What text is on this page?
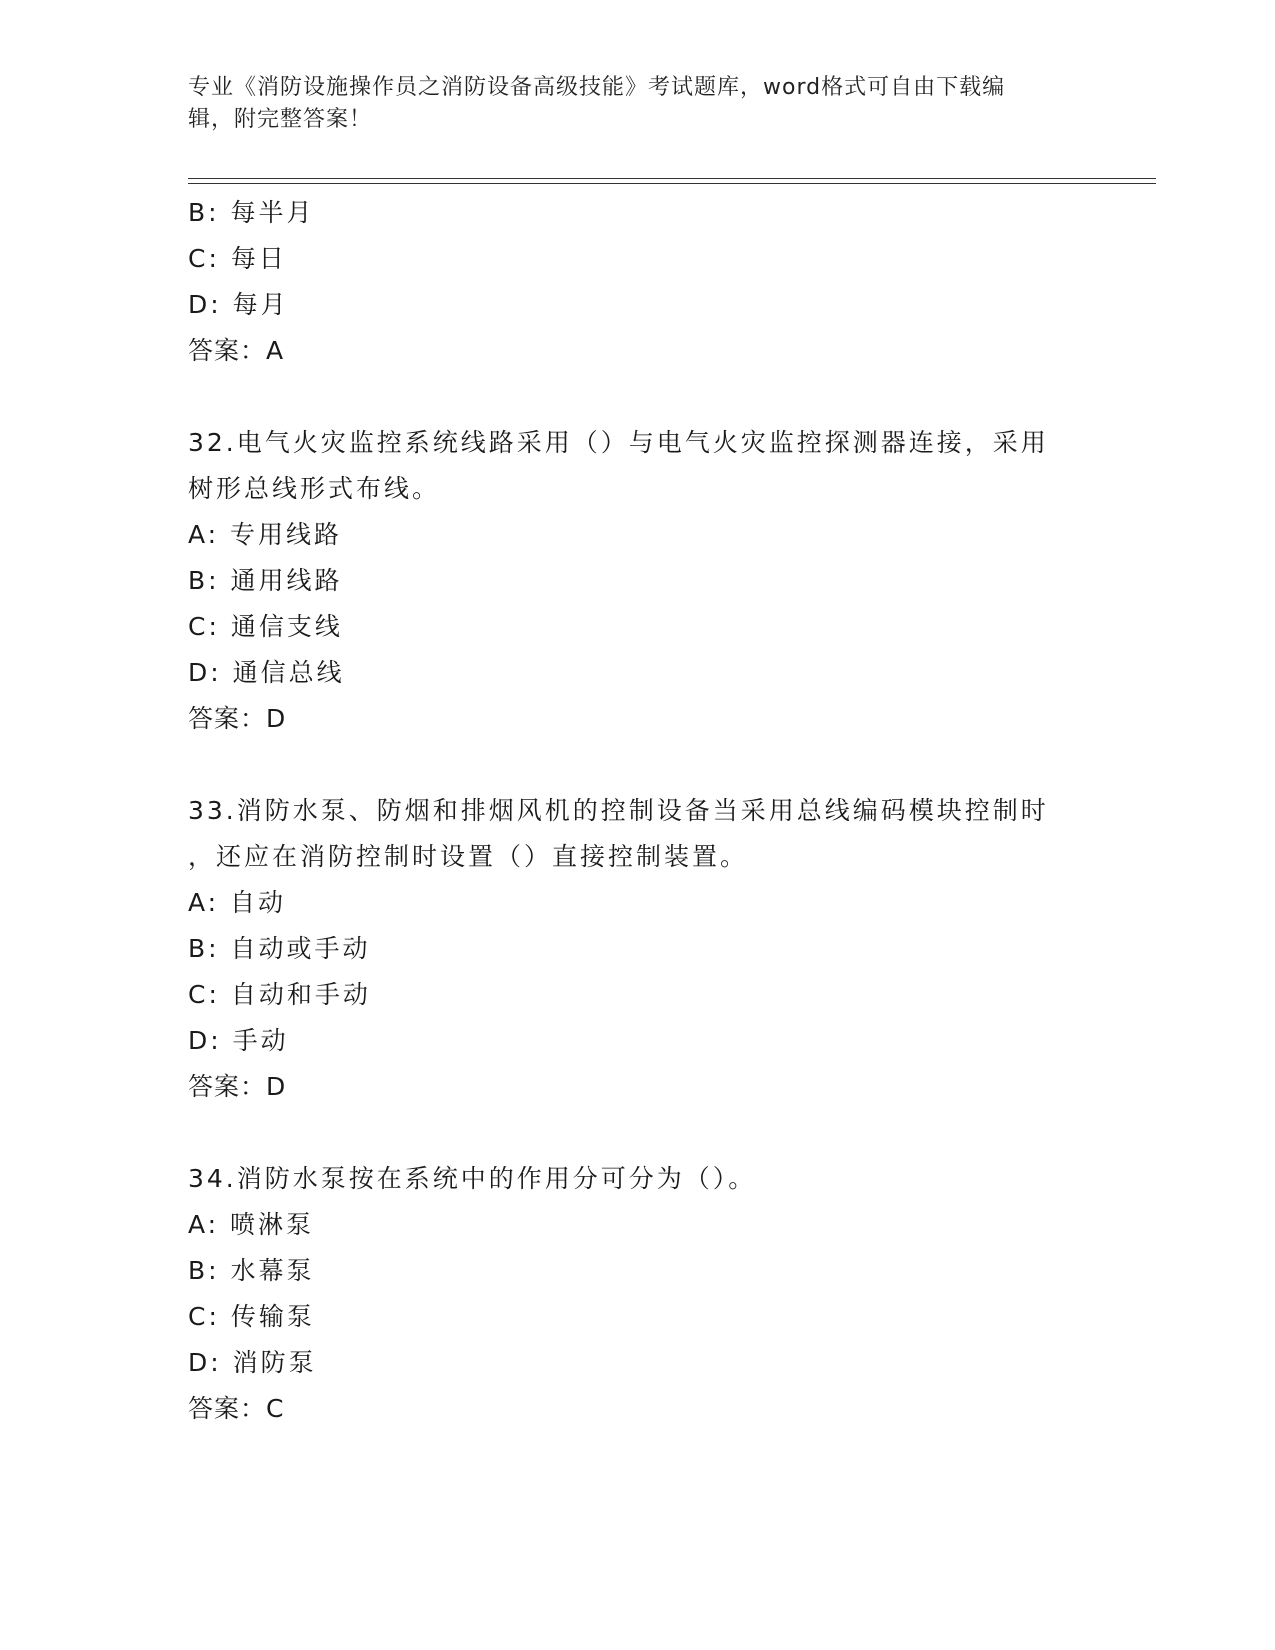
专业《消防设施操作员之消防设备高级技能》考试题库，word格式可自由下载编
辑，附完整答案！
B: 每半月
C: 每日
D: 每月
答案：A
32.电气火灾监控系统线路采用（）与电气火灾监控探测器连接，采用
树形总线形式布线。
A: 专用线路
B: 通用线路
C: 通信支线
D: 通信总线
答案：D
33.消防水泵、防烟和排烟风机的控制设备当采用总线编码模块控制时
，还应在消防控制时设置（）直接控制装置。
A: 自动
B: 自动或手动
C: 自动和手动
D: 手动
答案：D
34.消防水泵按在系统中的作用分可分为（）。
A: 喷淋泵
B: 水幕泵
C: 传输泵
D: 消防泵
答案：C
